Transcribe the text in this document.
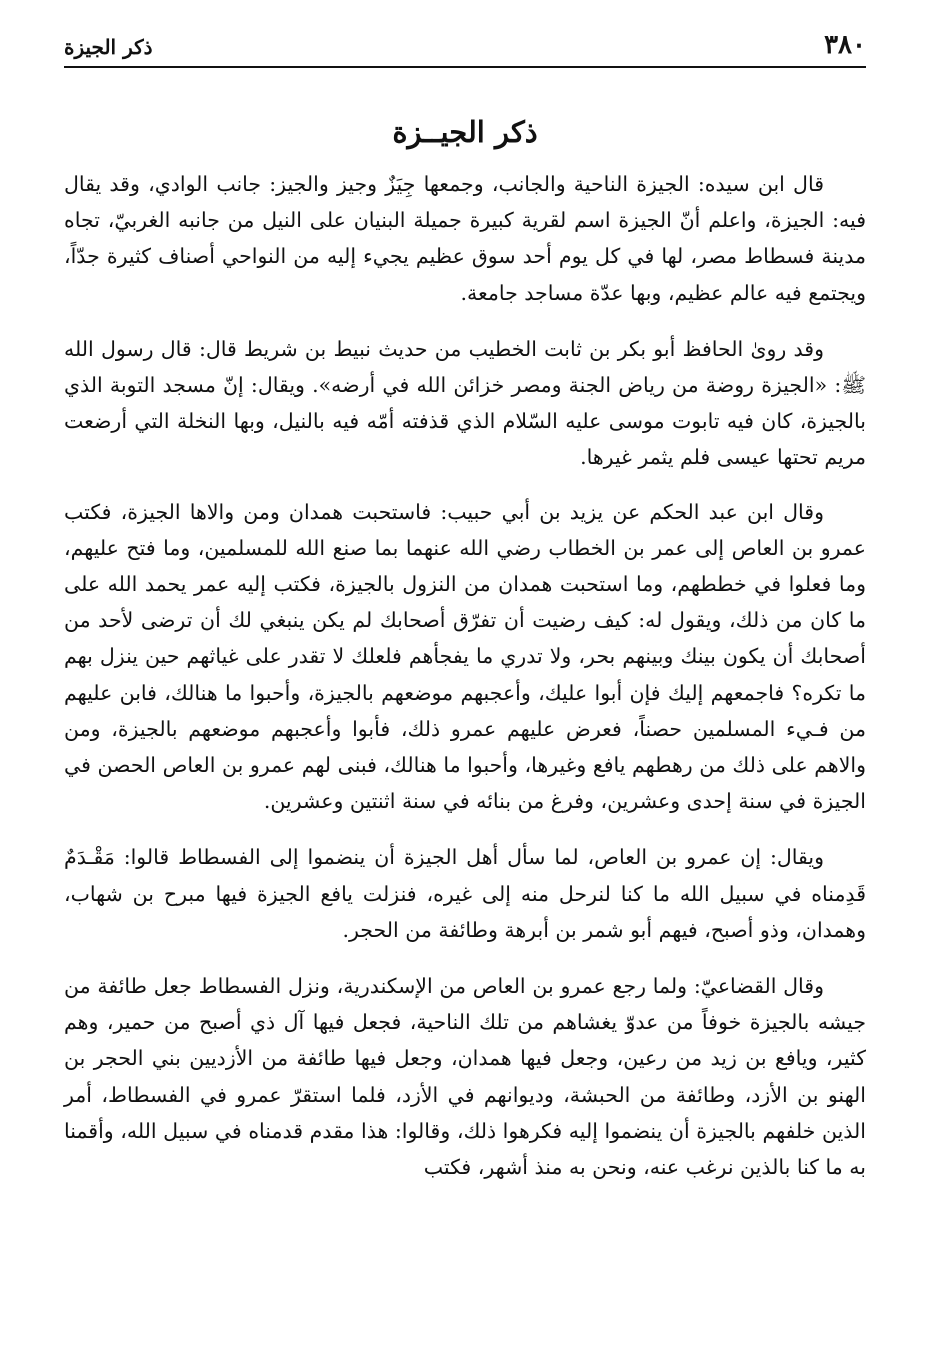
٣٨٠
ذكر الجيزة
ذكر الجيــزة

قال ابن سيده: الجيزة الناحية والجانب، وجمعها جِيَزٌ وجيز والجيز: جانب الوادي، وقد يقال فيه: الجيزة، واعلم أنّ الجيزة اسم لقرية كبيرة جميلة البنيان على النيل من جانبه الغربيّ، تجاه مدينة فسطاط مصر، لها في كل يوم أحد سوق عظيم يجيء إليه من النواحي أصناف كثيرة جدّاً، ويجتمع فيه عالم عظيم، وبها عدّة مساجد جامعة.

وقد روىٰ الحافظ أبو بكر بن ثابت الخطيب من حديث نبيط بن شريط قال: قال رسول الله ﷺ: «الجيزة روضة من رياض الجنة ومصر خزائن الله في أرضه». ويقال: إنّ مسجد التوبة الذي بالجيزة، كان فيه تابوت موسى عليه السّلام الذي قذفته أمّه فيه بالنيل، وبها النخلة التي أرضعت مريم تحتها عيسى فلم يثمر غيرها.

وقال ابن عبد الحكم عن يزيد بن أبي حبيب: فاستحبت همدان ومن والاها الجيزة، فكتب عمرو بن العاص إلى عمر بن الخطاب رضي الله عنهما بما صنع الله للمسلمين، وما فتح عليهم، وما فعلوا في خططهم، وما استحبت همدان من النزول بالجيزة، فكتب إليه عمر يحمد الله على ما كان من ذلك، ويقول له: كيف رضيت أن تفرّق أصحابك لم يكن ينبغي لك أن ترضى لأحد من أصحابك أن يكون بينك وبينهم بحر، ولا تدري ما يفجأهم فلعلك لا تقدر على غياثهم حين ينزل بهم ما تكره؟ فاجمعهم إليك فإن أبوا عليك، وأعجبهم موضعهم بالجيزة، وأحبوا ما هنالك، فابن عليهم من فـيء المسلمين حصناً، فعرض عليهم عمرو ذلك، فأبوا وأعجبهم موضعهم بالجيزة، ومن والاهم على ذلك من رهطهم يافع وغيرها، وأحبوا ما هنالك، فبنى لهم عمرو بن العاص الحصن في الجيزة في سنة إحدى وعشرين، وفرغ من بنائه في سنة اثنتين وعشرين.

ويقال: إن عمرو بن العاص، لما سأل أهل الجيزة أن ينضموا إلى الفسطاط قالوا: مَقْـدَمٌ قَدِمناه في سبيل الله ما كنا لنرحل منه إلى غيره، فنزلت يافع الجيزة فيها مبرح بن شهاب، وهمدان، وذو أصبح، فيهم أبو شمر بن أبرهة وطائفة من الحجر.

وقال القضاعيّ: ولما رجع عمرو بن العاص من الإسكندرية، ونزل الفسطاط جعل طائفة من جيشه بالجيزة خوفاً من عدوّ يغشاهم من تلك الناحية، فجعل فيها آل ذي أصبح من حمير، وهم كثير، ويافع بن زيد من رعين، وجعل فيها همدان، وجعل فيها طائفة من الأزديين بني الحجر بن الهنو بن الأزد، وطائفة من الحبشة، وديوانهم في الأزد، فلما استقرّ عمرو في الفسطاط، أمر الذين خلفهم بالجيزة أن ينضموا إليه فكرهوا ذلك، وقالوا: هذا مقدم قدمناه في سبيل الله، وأقمنا به ما كنا بالذين نرغب عنه، ونحن به منذ أشهر، فكتب
